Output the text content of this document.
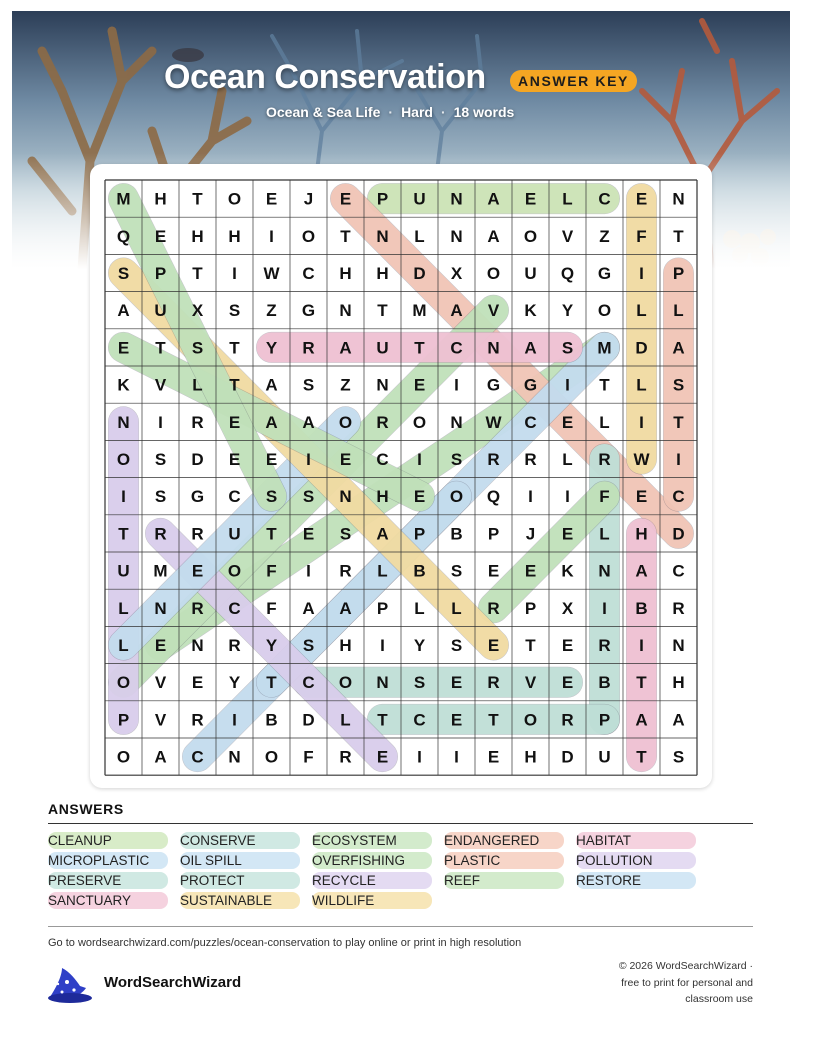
Ocean Conservation	ANSWER KEY
Ocean & Sea Life · Hard · 18 words
M H T O E J E P U N A E L C E N
Q E H H I O T N L N A O V Z F T
S P T I W C H H D X O U Q G I P
A U X S Z G N T M A V K Y O L L
E T S T Y R A U T C N A S M D A
K V L T A S Z N E I G G I T L S
N I R E A A O R O N W C E L I T
O S D E E I E C I S R R L R W I
I S G C S S N H E O Q I I F E C
T R R U T E S A P B P J E L H D
U M E O F I R L B S E E K N A C
L N R C F A A P L L R P X I B R
L E N R Y S H I Y S E T E R I N
O V E Y T C O N S E R V E B T H
P V R I B D L T C E T O R P A A
O A C N O F R E I I E H D U T S
ANSWERS
CLEANUP	CONSERVE	ECOSYSTEM	ENDANGERED	HABITAT
MICROPLASTIC	OIL SPILL	OVERFISHING	PLASTIC	POLLUTION
PRESERVE	PROTECT	RECYCLE	REEF	RESTORE
SANCTUARY	SUSTAINABLE	WILDLIFE
Go to wordsearchwizard.com/puzzles/ocean-conservation to play online or print in high resolution
WordSearchWizard
© 2026 WordSearchWizard ·
free to print for personal and
classroom use
